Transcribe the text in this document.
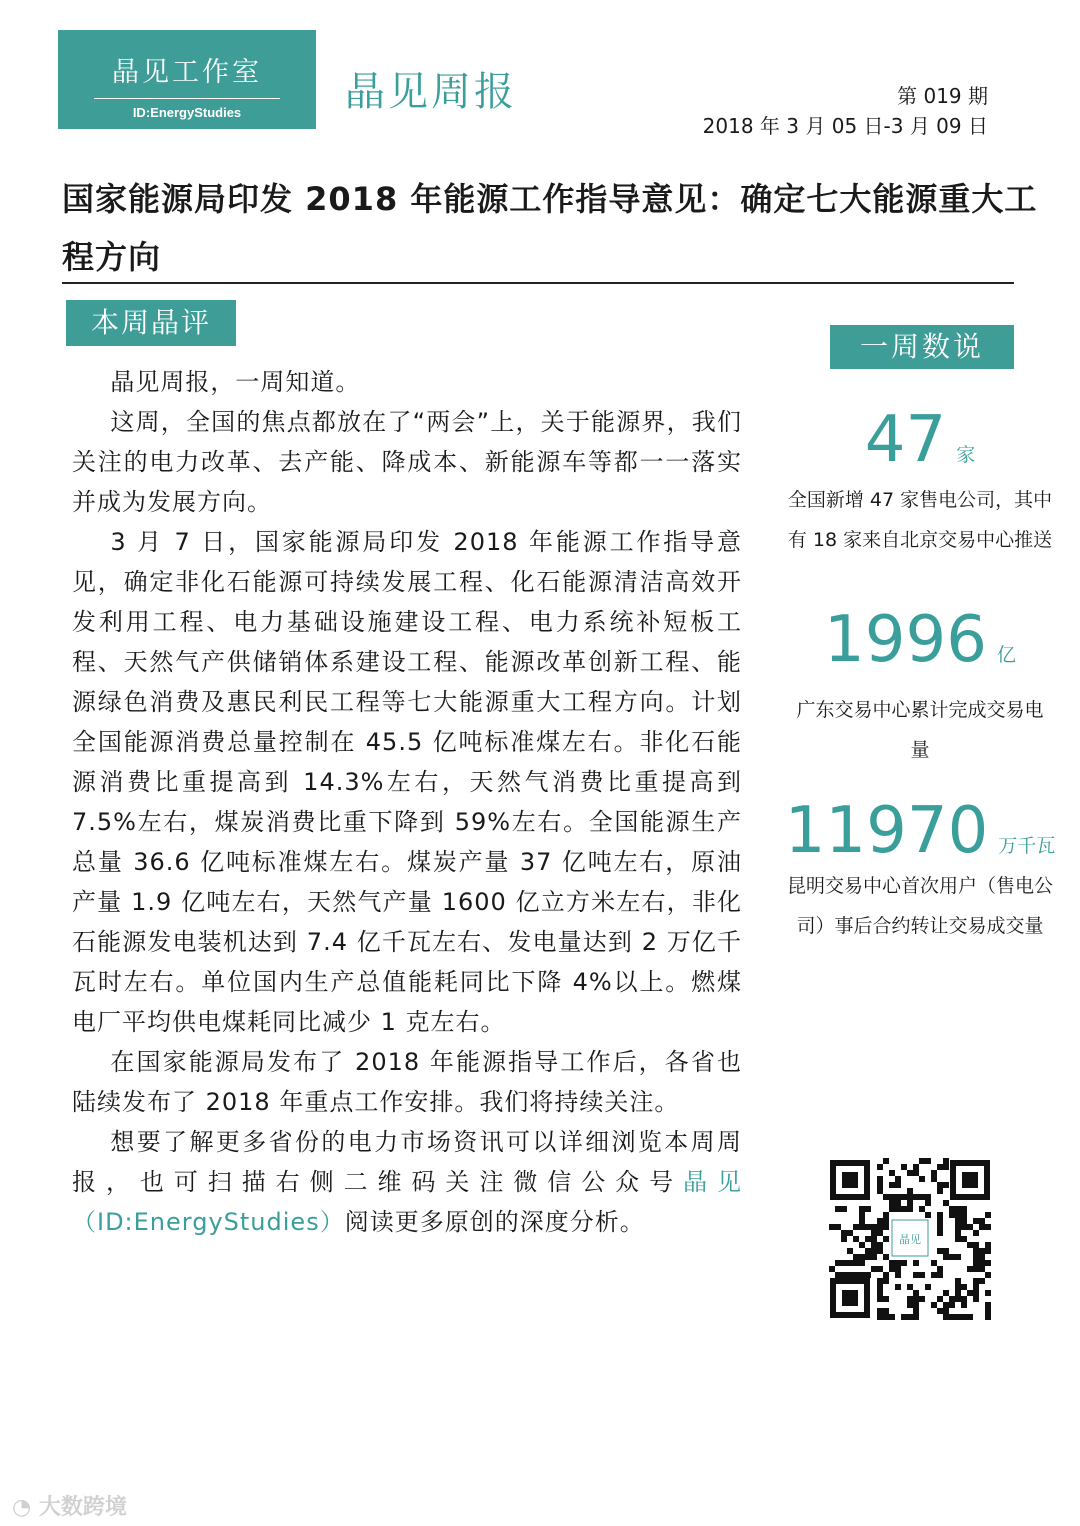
晶见工作室
ID:EnergyStudies	晶见周报	第 019 期
2018 年 3 月 05 日-3 月 09 日
国家能源局印发 2018 年能源工作指导意见：确定七大能源重大工程方向
本周晶评
一周数说

晶见周报，一周知道。

这周，全国的焦点都放在了“两会”上，关于能源界，我们关注的电力改革、去产能、降成本、新能源车等都一一落实并成为发展方向。

3 月 7 日，国家能源局印发 2018 年能源工作指导意见，确定非化石能源可持续发展工程、化石能源清洁高效开发利用工程、电力基础设施建设工程、电力系统补短板工程、天然气产供储销体系建设工程、能源改革创新工程、能源绿色消费及惠民利民工程等七大能源重大工程方向。计划全国能源消费总量控制在 45.5 亿吨标准煤左右。非化石能源消费比重提高到 14.3%左右，天然气消费比重提高到 7.5%左右，煤炭消费比重下降到 59%左右。全国能源生产总量 36.6 亿吨标准煤左右。煤炭产量 37 亿吨左右，原油产量 1.9 亿吨左右，天然气产量 1600 亿立方米左右，非化石能源发电装机达到 7.4 亿千瓦左右、发电量达到 2 万亿千瓦时左右。单位国内生产总值能耗同比下降 4%以上。燃煤电厂平均供电煤耗同比减少 1 克左右。

在国家能源局发布了 2018 年能源指导工作后，各省也陆续发布了 2018 年重点工作安排。我们将持续关注。

想要了解更多省份的电力市场资讯可以详细浏览本周周报，也可扫描右侧二维码关注微信公众号晶见（ID:EnergyStudies）阅读更多原创的深度分析。

47 家
全国新增 47 家售电公司，其中有 18 家来自北京交易中心推送
1996 亿
广东交易中心累计完成交易电量
11970 万千瓦
昆明交易中心首次用户（售电公司）事后合约转让交易成交量
晶见
◔ 大数跨境
